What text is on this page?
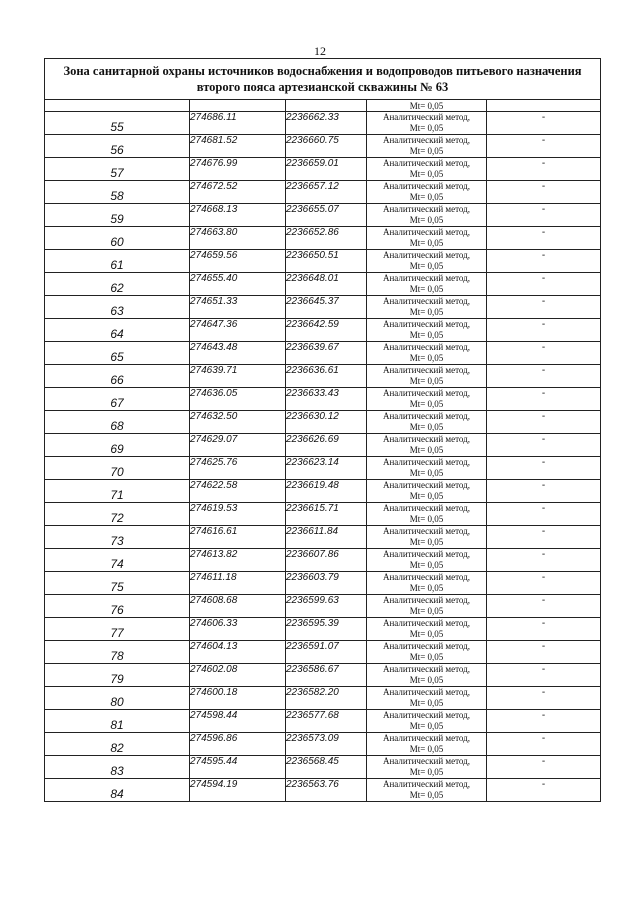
12
Зона санитарной охраны источников водоснабжения и водопроводов питьевого назначения
второго пояса артезианской скважины № 63				

			Mt= 0,05	
55	274686.11	2236662.33	Аналитический метод,
Mt= 0,05	-
56	274681.52	2236660.75	Аналитический метод,
Mt= 0,05	-
57	274676.99	2236659.01	Аналитический метод,
Mt= 0,05	-
58	274672.52	2236657.12	Аналитический метод,
Mt= 0,05	-
59	274668.13	2236655.07	Аналитический метод,
Mt= 0,05	-
60	274663.80	2236652.86	Аналитический метод,
Mt= 0,05	-
61	274659.56	2236650.51	Аналитический метод,
Mt= 0,05	-
62	274655.40	2236648.01	Аналитический метод,
Mt= 0,05	-
63	274651.33	2236645.37	Аналитический метод,
Mt= 0,05	-
64	274647.36	2236642.59	Аналитический метод,
Mt= 0,05	-
65	274643.48	2236639.67	Аналитический метод,
Mt= 0,05	-
66	274639.71	2236636.61	Аналитический метод,
Mt= 0,05	-
67	274636.05	2236633.43	Аналитический метод,
Mt= 0,05	-
68	274632.50	2236630.12	Аналитический метод,
Mt= 0,05	-
69	274629.07	2236626.69	Аналитический метод,
Mt= 0,05	-
70	274625.76	2236623.14	Аналитический метод,
Mt= 0,05	-
71	274622.58	2236619.48	Аналитический метод,
Mt= 0,05	-
72	274619.53	2236615.71	Аналитический метод,
Mt= 0,05	-
73	274616.61	2236611.84	Аналитический метод,
Mt= 0,05	-
74	274613.82	2236607.86	Аналитический метод,
Mt= 0,05	-
75	274611.18	2236603.79	Аналитический метод,
Mt= 0,05	-
76	274608.68	2236599.63	Аналитический метод,
Mt= 0,05	-
77	274606.33	2236595.39	Аналитический метод,
Mt= 0,05	-
78	274604.13	2236591.07	Аналитический метод,
Mt= 0,05	-
79	274602.08	2236586.67	Аналитический метод,
Mt= 0,05	-
80	274600.18	2236582.20	Аналитический метод,
Mt= 0,05	-
81	274598.44	2236577.68	Аналитический метод,
Mt= 0,05	-
82	274596.86	2236573.09	Аналитический метод,
Mt= 0,05	-
83	274595.44	2236568.45	Аналитический метод,
Mt= 0,05	-
84	274594.19	2236563.76	Аналитический метод,
Mt= 0,05	-
